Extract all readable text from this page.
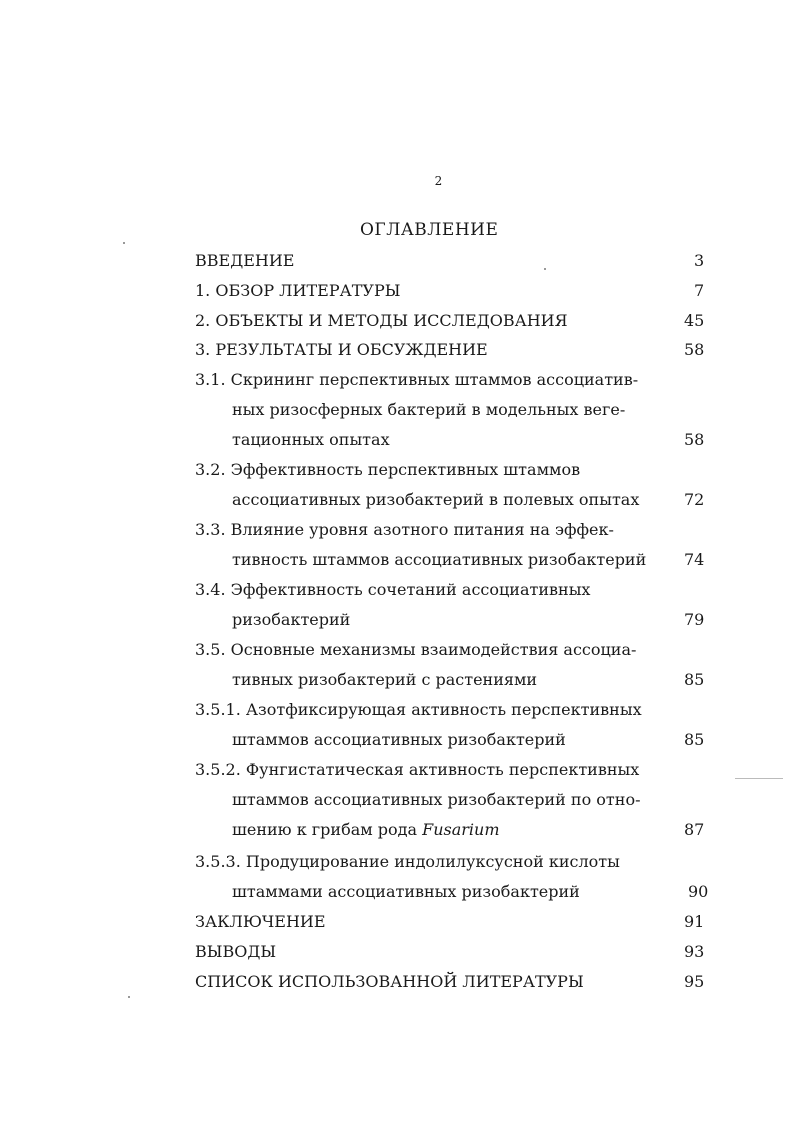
2
ОГЛАВЛЕНИЕ
ВВЕДЕНИЕ	3
1. ОБЗОР ЛИТЕРАТУРЫ	7
2. ОБЪЕКТЫ И МЕТОДЫ ИССЛЕДОВАНИЯ	45
3. РЕЗУЛЬТАТЫ И ОБСУЖДЕНИЕ	58
3.1. Скрининг перспективных штаммов ассоциатив-
ных ризосферных бактерий в модельных веге-
тационных опытах	58
3.2. Эффективность перспективных штаммов
ассоциативных ризобактерий в полевых опытах	72
3.3. Влияние уровня азотного питания на эффек-
тивность штаммов ассоциативных ризобактерий 74
3.4. Эффективность сочетаний ассоциативных
ризобактерий	79
3.5. Основные механизмы взаимодействия ассоциа-
тивных ризобактерий с растениями	85
3.5.1. Азотфиксирующая активность перспективных
штаммов ассоциативных ризобактерий	85
3.5.2. Фунгистатическая активность перспективных
штаммов ассоциативных ризобактерий по отно-
шению к грибам рода Fusarium	87
3.5.3. Продуцирование индолилуксусной кислоты
штаммами ассоциативных ризобактерий	90
ЗАКЛЮЧЕНИЕ	91
ВЫВОДЫ	93
СПИСОК ИСПОЛЬЗОВАННОЙ ЛИТЕРАТУРЫ	95
